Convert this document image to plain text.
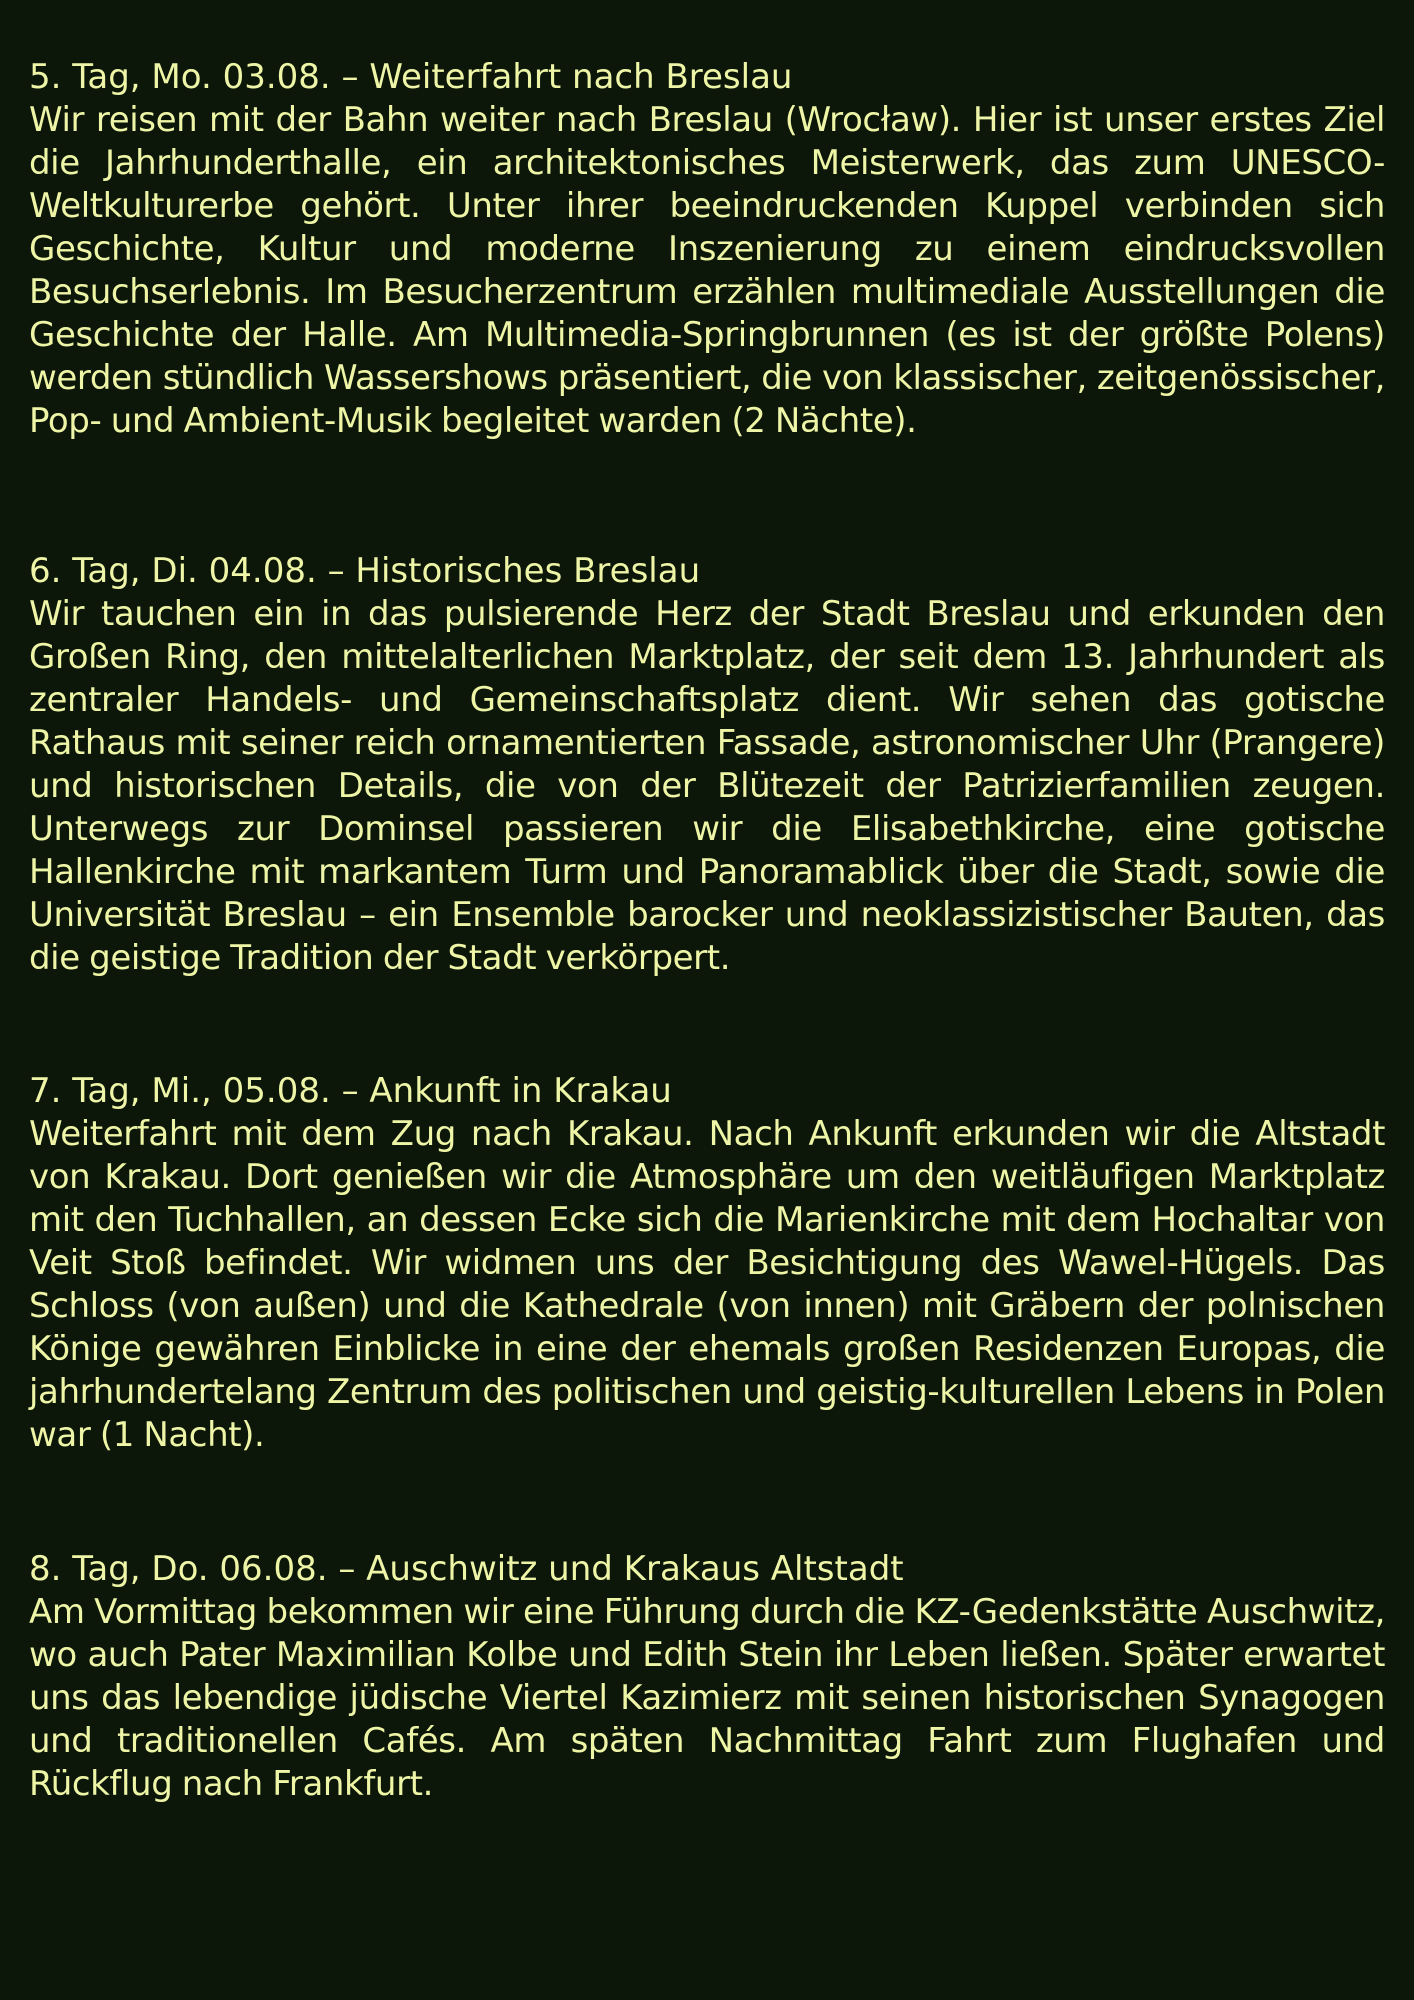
5. Tag, Mo. 03.08. – Weiterfahrt nach Breslau

Wir reisen mit der Bahn weiter nach Breslau (Wrocław). Hier ist unser erstes Ziel die Jahrhunderthalle, ein architektonisches Meisterwerk, das zum UNESCO-Weltkulturerbe gehört. Unter ihrer beeindruckenden Kuppel verbinden sich Geschichte, Kultur und moderne Inszenierung zu einem eindrucksvollen Besuchserlebnis. Im Besucherzentrum erzählen multimediale Ausstellungen die Geschichte der Halle. Am Multimedia-Springbrunnen (es ist der größte Polens) werden stündlich Wassershows präsentiert, die von klassischer, zeitgenössischer, Pop- und Ambient-Musik begleitet warden (2 Nächte).

6. Tag, Di. 04.08. – Historisches Breslau

Wir tauchen ein in das pulsierende Herz der Stadt Breslau und erkunden den Großen Ring, den mittelalterlichen Marktplatz, der seit dem 13. Jahrhundert als zentraler Handels- und Gemeinschaftsplatz dient. Wir sehen das gotische Rathaus mit seiner reich ornamentierten Fassade, astronomischer Uhr (Prangere) und historischen Details, die von der Blütezeit der Patrizierfamilien zeugen. Unterwegs zur Dominsel passieren wir die Elisabethkirche, eine gotische Hallenkirche mit markantem Turm und Panoramablick über die Stadt, sowie die Universität Breslau – ein Ensemble barocker und neoklassizistischer Bauten, das die geistige Tradition der Stadt verkörpert.

7. Tag, Mi., 05.08. – Ankunft in Krakau

Weiterfahrt mit dem Zug nach Krakau. Nach Ankunft erkunden wir die Altstadt von Krakau. Dort genießen wir die Atmosphäre um den weitläufigen Marktplatz mit den Tuchhallen, an dessen Ecke sich die Marienkirche mit dem Hochaltar von Veit Stoß befindet. Wir widmen uns der Besichtigung des Wawel-Hügels. Das Schloss (von außen) und die Kathedrale (von innen) mit Gräbern der polnischen Könige gewähren Einblicke in eine der ehemals großen Residenzen Europas, die jahrhundertelang Zentrum des politischen und geistig-kulturellen Lebens in Polen war (1 Nacht).

8. Tag, Do. 06.08. – Auschwitz und Krakaus Altstadt

Am Vormittag bekommen wir eine Führung durch die KZ-Gedenkstätte Auschwitz, wo auch Pater Maximilian Kolbe und Edith Stein ihr Leben ließen. Später erwartet uns das lebendige jüdische Viertel Kazimierz mit seinen historischen Synagogen und traditionellen Cafés. Am späten Nachmittag Fahrt zum Flughafen und Rückflug nach Frankfurt.
